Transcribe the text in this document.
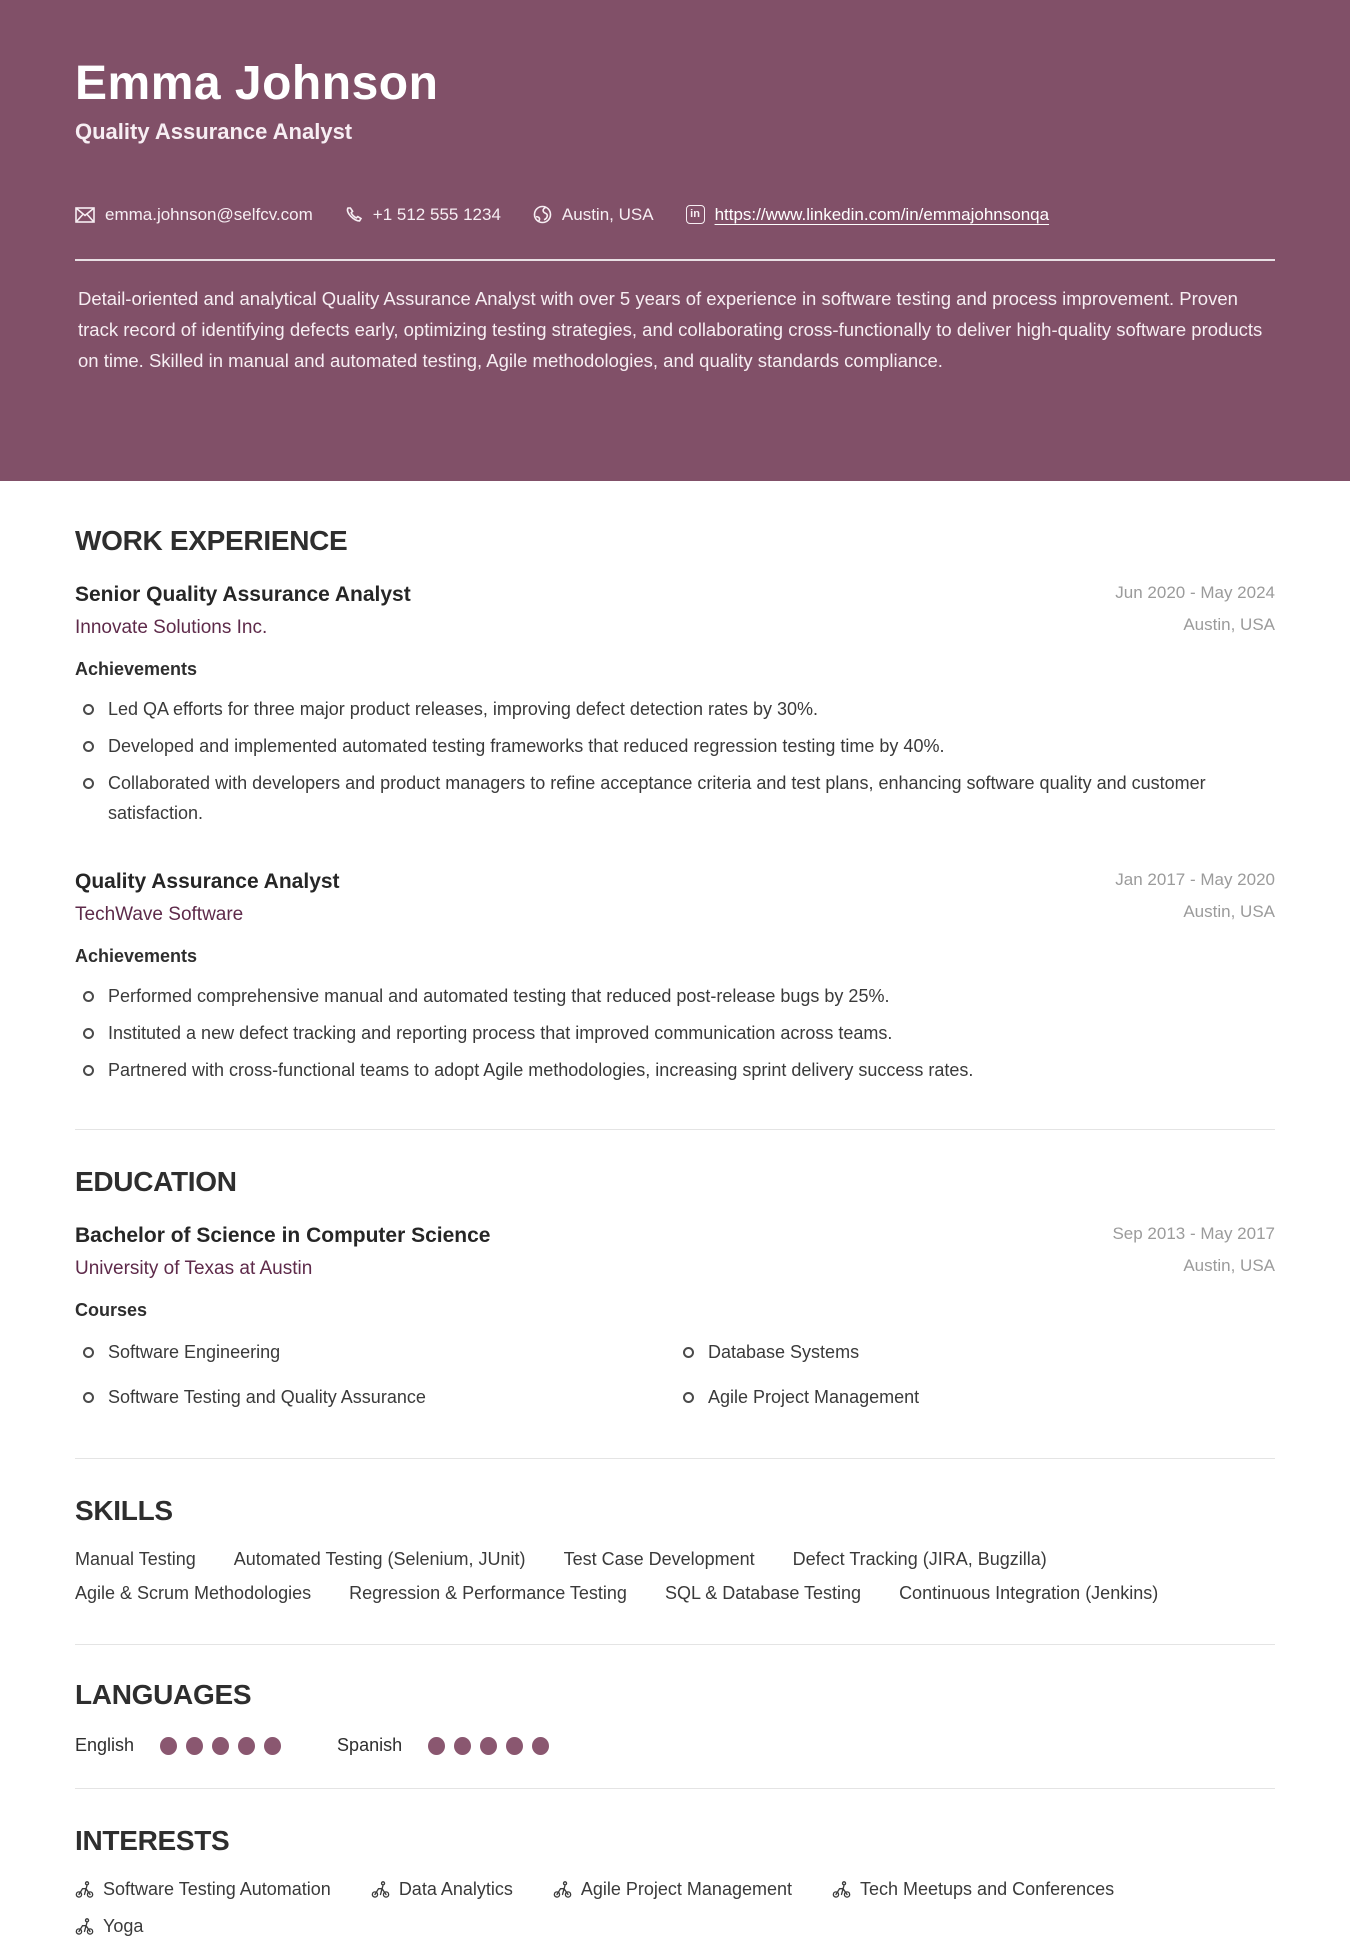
Emma Johnson
Quality Assurance Analyst
emma.johnson@selfcv.com	+1 512 555 1234	Austin, USA	in https://www.linkedin.com/in/emmajohnsonqa

Detail-oriented and analytical Quality Assurance Analyst with over 5 years of experience in software testing and process improvement. Proven track record of identifying defects early, optimizing testing strategies, and collaborating cross-functionally to deliver high-quality software products on time. Skilled in manual and automated testing, Agile methodologies, and quality standards compliance.

WORK EXPERIENCE
Senior Quality Assurance Analyst
Innovate Solutions Inc.
Jun 2020 - May 2024
Austin, USA
Achievements
Led QA efforts for three major product releases, improving defect detection rates by 30%.
Developed and implemented automated testing frameworks that reduced regression testing time by 40%.
Collaborated with developers and product managers to refine acceptance criteria and test plans, enhancing software quality and customer satisfaction.
Quality Assurance Analyst
TechWave Software
Jan 2017 - May 2020
Austin, USA
Achievements
Performed comprehensive manual and automated testing that reduced post-release bugs by 25%.
Instituted a new defect tracking and reporting process that improved communication across teams.
Partnered with cross-functional teams to adopt Agile methodologies, increasing sprint delivery success rates.
EDUCATION
Bachelor of Science in Computer Science
University of Texas at Austin
Sep 2013 - May 2017
Austin, USA
Courses
Software Engineering	Database Systems
Software Testing and Quality Assurance	Agile Project Management
SKILLS
Manual Testing Automated Testing (Selenium, JUnit) Test Case Development Defect Tracking (JIRA, Bugzilla)
Agile & Scrum Methodologies Regression & Performance Testing SQL & Database Testing Continuous Integration (Jenkins)
LANGUAGES
English	Spanish
INTERESTS
Software Testing Automation	Data Analytics	Agile Project Management	Tech Meetups and Conferences
Yoga
